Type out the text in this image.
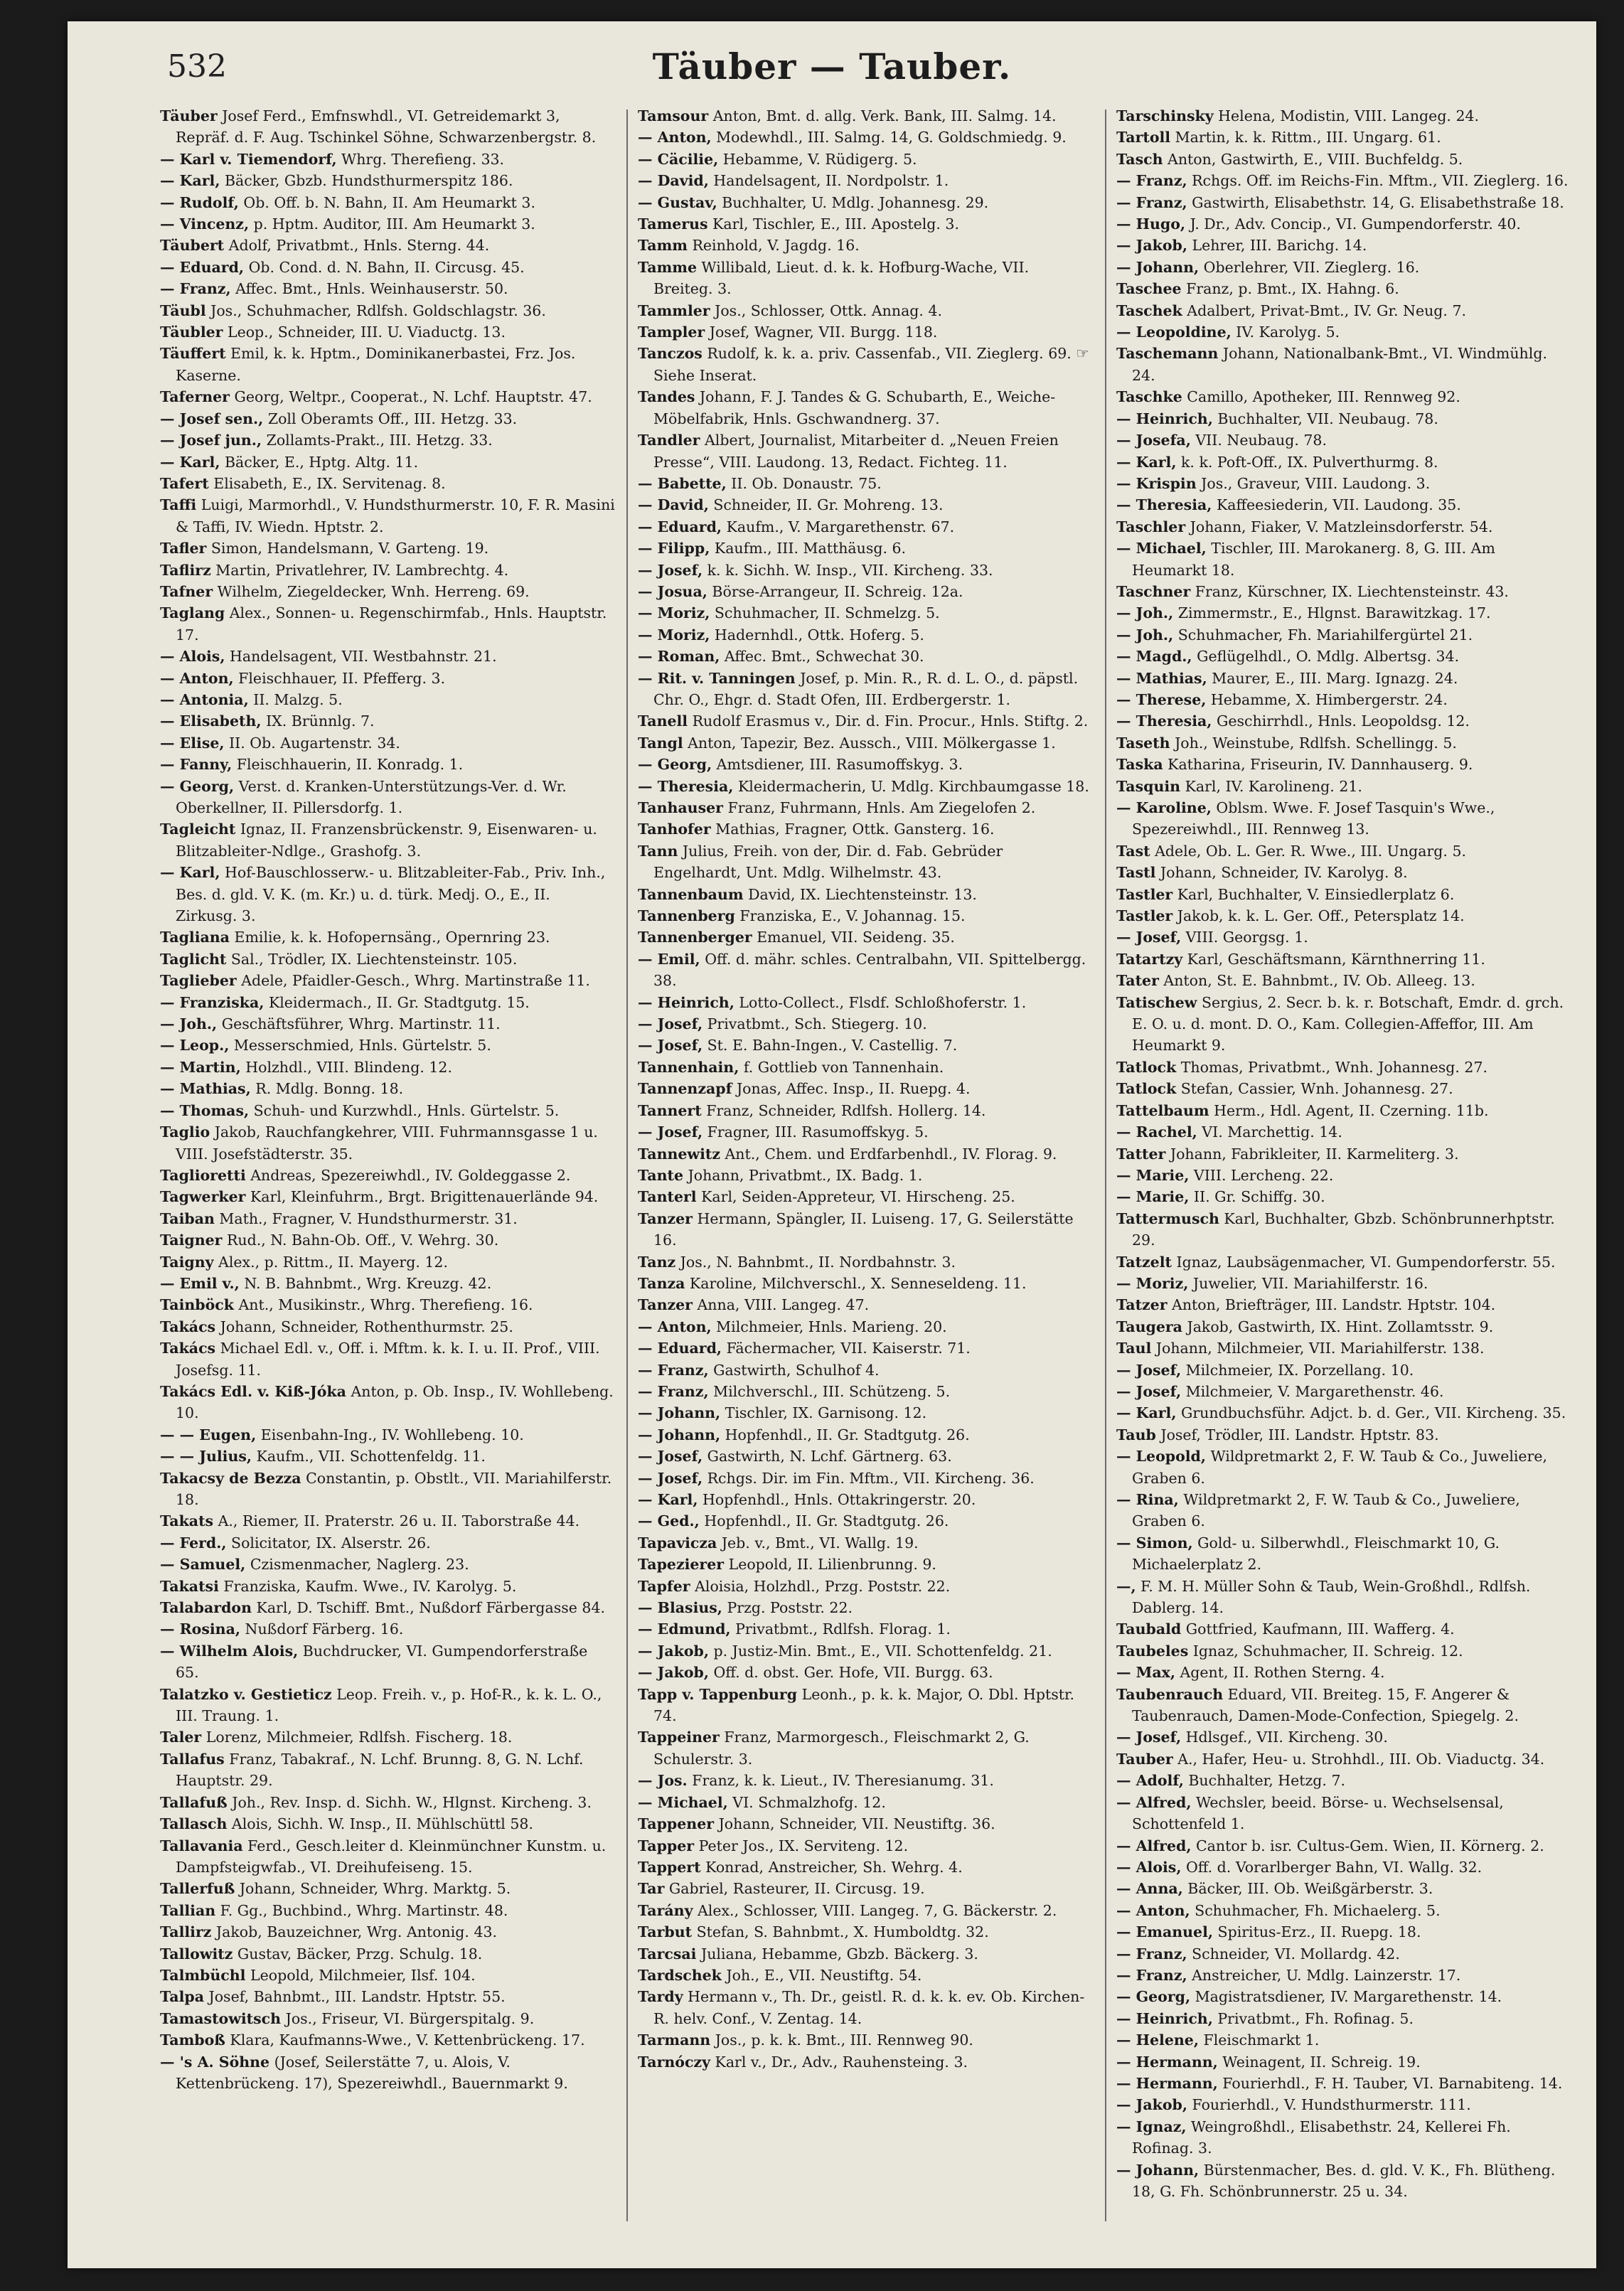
532	Täuber — Tauber.
Täuber Josef Ferd., Emfnswhdl., VI. Getreidemarkt 3, Repräf. d. F. Aug. Tschinkel Söhne, Schwarzenbergstr. 8.
— Karl v. Tiemendorf, Whrg. Therefieng. 33.
— Karl, Bäcker, Gbzb. Hundsthurmerspitz 186.
— Rudolf, Ob. Off. b. N. Bahn, II. Am Heumarkt 3.
— Vincenz, p. Hptm. Auditor, III. Am Heumarkt 3.
Täubert Adolf, Privatbmt., Hnls. Sterng. 44.
— Eduard, Ob. Cond. d. N. Bahn, II. Circusg. 45.
— Franz, Affec. Bmt., Hnls. Weinhauserstr. 50.
Täubl Jos., Schuhmacher, Rdlfsh. Goldschlagstr. 36.
Täubler Leop., Schneider, III. U. Viaductg. 13.
Täuffert Emil, k. k. Hptm., Dominikanerbastei, Frz. Jos. Kaserne.
Taferner Georg, Weltpr., Cooperat., N. Lchf. Hauptstr. 47.
— Josef sen., Zoll Oberamts Off., III. Hetzg. 33.
— Josef jun., Zollamts-Prakt., III. Hetzg. 33.
— Karl, Bäcker, E., Hptg. Altg. 11.
Tafert Elisabeth, E., IX. Servitenag. 8.
Taffi Luigi, Marmorhdl., V. Hundsthurmerstr. 10, F. R. Masini & Taffi, IV. Wiedn. Hptstr. 2.
Tafler Simon, Handelsmann, V. Garteng. 19.
Taflirz Martin, Privatlehrer, IV. Lambrechtg. 4.
Tafner Wilhelm, Ziegeldecker, Wnh. Herreng. 69.
Taglang Alex., Sonnen- u. Regenschirmfab., Hnls. Hauptstr. 17.
— Alois, Handelsagent, VII. Westbahnstr. 21.
— Anton, Fleischhauer, II. Pfefferg. 3.
— Antonia, II. Malzg. 5.
— Elisabeth, IX. Brünnlg. 7.
— Elise, II. Ob. Augartenstr. 34.
— Fanny, Fleischhauerin, II. Konradg. 1.
— Georg, Verst. d. Kranken-Unterstützungs-Ver. d. Wr. Oberkellner, II. Pillersdorfg. 1.
Tagleicht Ignaz, II. Franzensbrückenstr. 9, Eisenwaren- u. Blitzableiter-Ndlge., Grashofg. 3.
— Karl, Hof-Bauschlosserw.- u. Blitzableiter-Fab., Priv. Inh., Bes. d. gld. V. K. (m. Kr.) u. d. türk. Medj. O., E., II. Zirkusg. 3.
Tagliana Emilie, k. k. Hofopernsäng., Opernring 23.
Taglicht Sal., Trödler, IX. Liechtensteinstr. 105.
Taglieber Adele, Pfaidler-Gesch., Whrg. Martinstraße 11.
— Franziska, Kleidermach., II. Gr. Stadtgutg. 15.
— Joh., Geschäftsführer, Whrg. Martinstr. 11.
— Leop., Messerschmied, Hnls. Gürtelstr. 5.
— Martin, Holzhdl., VIII. Blindeng. 12.
— Mathias, R. Mdlg. Bonng. 18.
— Thomas, Schuh- und Kurzwhdl., Hnls. Gürtelstr. 5.
Taglio Jakob, Rauchfangkehrer, VIII. Fuhrmannsgasse 1 u. VIII. Josefstädterstr. 35.
Taglioretti Andreas, Spezereiwhdl., IV. Goldeggasse 2.
Tagwerker Karl, Kleinfuhrm., Brgt. Brigittenauerlände 94.
Taiban Math., Fragner, V. Hundsthurmerstr. 31.
Taigner Rud., N. Bahn-Ob. Off., V. Wehrg. 30.
Taigny Alex., p. Rittm., II. Mayerg. 12.
— Emil v., N. B. Bahnbmt., Wrg. Kreuzg. 42.
Tainböck Ant., Musikinstr., Whrg. Therefieng. 16.
Takács Johann, Schneider, Rothenthurmstr. 25.
Takács Michael Edl. v., Off. i. Mftm. k. k. I. u. II. Prof., VIII. Josefsg. 11.
Takács Edl. v. Kiß-Jóka Anton, p. Ob. Insp., IV. Wohllebeng. 10.
— — Eugen, Eisenbahn-Ing., IV. Wohllebeng. 10.
— — Julius, Kaufm., VII. Schottenfeldg. 11.
Takacsy de Bezza Constantin, p. Obstlt., VII. Mariahilferstr. 18.
Takats A., Riemer, II. Praterstr. 26 u. II. Taborstraße 44.
— Ferd., Solicitator, IX. Alserstr. 26.
— Samuel, Czismenmacher, Naglerg. 23.
Takatsi Franziska, Kaufm. Wwe., IV. Karolyg. 5.
Talabardon Karl, D. Tschiff. Bmt., Nußdorf Färbergasse 84.
— Rosina, Nußdorf Färberg. 16.
— Wilhelm Alois, Buchdrucker, VI. Gumpendorferstraße 65.
Talatzko v. Gestieticz Leop. Freih. v., p. Hof-R., k. k. L. O., III. Traung. 1.
Taler Lorenz, Milchmeier, Rdlfsh. Fischerg. 18.
Tallafus Franz, Tabakraf., N. Lchf. Brunng. 8, G. N. Lchf. Hauptstr. 29.
Tallafuß Joh., Rev. Insp. d. Sichh. W., Hlgnst. Kircheng. 3.
Tallasch Alois, Sichh. W. Insp., II. Mühlschüttl 58.
Tallavania Ferd., Gesch.leiter d. Kleinmünchner Kunstm. u. Dampfsteigwfab., VI. Dreihufeiseng. 15.
Tallerfuß Johann, Schneider, Whrg. Marktg. 5.
Tallian F. Gg., Buchbind., Whrg. Martinstr. 48.
Tallirz Jakob, Bauzeichner, Wrg. Antonig. 43.
Tallowitz Gustav, Bäcker, Przg. Schulg. 18.
Talmbüchl Leopold, Milchmeier, Ilsf. 104.
Talpa Josef, Bahnbmt., III. Landstr. Hptstr. 55.
Tamastowitsch Jos., Friseur, VI. Bürgerspitalg. 9.
Tamboß Klara, Kaufmanns-Wwe., V. Kettenbrückeng. 17.
— 's A. Söhne (Josef, Seilerstätte 7, u. Alois, V. Kettenbrückeng. 17), Spezereiwhdl., Bauernmarkt 9.
Tamsour Anton, Bmt. d. allg. Verk. Bank, III. Salmg. 14.
— Anton, Modewhdl., III. Salmg. 14, G. Goldschmiedg. 9.
— Cäcilie, Hebamme, V. Rüdigerg. 5.
— David, Handelsagent, II. Nordpolstr. 1.
— Gustav, Buchhalter, U. Mdlg. Johannesg. 29.
Tamerus Karl, Tischler, E., III. Apostelg. 3.
Tamm Reinhold, V. Jagdg. 16.
Tamme Willibald, Lieut. d. k. k. Hofburg-Wache, VII. Breiteg. 3.
Tammler Jos., Schlosser, Ottk. Annag. 4.
Tampler Josef, Wagner, VII. Burgg. 118.
Tanczos Rudolf, k. k. a. priv. Cassenfab., VII. Zieglerg. 69. ☞ Siehe Inserat.
Tandes Johann, F. J. Tandes & G. Schubarth, E., Weiche-Möbelfabrik, Hnls. Gschwandnerg. 37.
Tandler Albert, Journalist, Mitarbeiter d. „Neuen Freien Presse“, VIII. Laudong. 13, Redact. Fichteg. 11.
— Babette, II. Ob. Donaustr. 75.
— David, Schneider, II. Gr. Mohreng. 13.
— Eduard, Kaufm., V. Margarethenstr. 67.
— Filipp, Kaufm., III. Matthäusg. 6.
— Josef, k. k. Sichh. W. Insp., VII. Kircheng. 33.
— Josua, Börse-Arrangeur, II. Schreig. 12a.
— Moriz, Schuhmacher, II. Schmelzg. 5.
— Moriz, Hadernhdl., Ottk. Hoferg. 5.
— Roman, Affec. Bmt., Schwechat 30.
— Rit. v. Tanningen Josef, p. Min. R., R. d. L. O., d. päpstl. Chr. O., Ehgr. d. Stadt Ofen, III. Erdbergerstr. 1.
Tanell Rudolf Erasmus v., Dir. d. Fin. Procur., Hnls. Stiftg. 2.
Tangl Anton, Tapezir, Bez. Aussch., VIII. Mölkergasse 1.
— Georg, Amtsdiener, III. Rasumoffskyg. 3.
— Theresia, Kleidermacherin, U. Mdlg. Kirchbaumgasse 18.
Tanhauser Franz, Fuhrmann, Hnls. Am Ziegelofen 2.
Tanhofer Mathias, Fragner, Ottk. Gansterg. 16.
Tann Julius, Freih. von der, Dir. d. Fab. Gebrüder Engelhardt, Unt. Mdlg. Wilhelmstr. 43.
Tannenbaum David, IX. Liechtensteinstr. 13.
Tannenberg Franziska, E., V. Johannag. 15.
Tannenberger Emanuel, VII. Seideng. 35.
— Emil, Off. d. mähr. schles. Centralbahn, VII. Spittelbergg. 38.
— Heinrich, Lotto-Collect., Flsdf. Schloßhoferstr. 1.
— Josef, Privatbmt., Sch. Stiegerg. 10.
— Josef, St. E. Bahn-Ingen., V. Castellig. 7.
Tannenhain, f. Gottlieb von Tannenhain.
Tannenzapf Jonas, Affec. Insp., II. Ruepg. 4.
Tannert Franz, Schneider, Rdlfsh. Hollerg. 14.
— Josef, Fragner, III. Rasumoffskyg. 5.
Tannewitz Ant., Chem. und Erdfarbenhdl., IV. Florag. 9.
Tante Johann, Privatbmt., IX. Badg. 1.
Tanterl Karl, Seiden-Appreteur, VI. Hirscheng. 25.
Tanzer Hermann, Spängler, II. Luiseng. 17, G. Seilerstätte 16.
Tanz Jos., N. Bahnbmt., II. Nordbahnstr. 3.
Tanza Karoline, Milchverschl., X. Senneseldeng. 11.
Tanzer Anna, VIII. Langeg. 47.
— Anton, Milchmeier, Hnls. Marieng. 20.
— Eduard, Fächermacher, VII. Kaiserstr. 71.
— Franz, Gastwirth, Schulhof 4.
— Franz, Milchverschl., III. Schützeng. 5.
— Johann, Tischler, IX. Garnisong. 12.
— Johann, Hopfenhdl., II. Gr. Stadtgutg. 26.
— Josef, Gastwirth, N. Lchf. Gärtnerg. 63.
— Josef, Rchgs. Dir. im Fin. Mftm., VII. Kircheng. 36.
— Karl, Hopfenhdl., Hnls. Ottakringerstr. 20.
— Ged., Hopfenhdl., II. Gr. Stadtgutg. 26.
Tapavicza Jeb. v., Bmt., VI. Wallg. 19.
Tapezierer Leopold, II. Lilienbrunng. 9.
Tapfer Aloisia, Holzhdl., Przg. Poststr. 22.
— Blasius, Przg. Poststr. 22.
— Edmund, Privatbmt., Rdlfsh. Florag. 1.
— Jakob, p. Justiz-Min. Bmt., E., VII. Schottenfeldg. 21.
— Jakob, Off. d. obst. Ger. Hofe, VII. Burgg. 63.
Tapp v. Tappenburg Leonh., p. k. k. Major, O. Dbl. Hptstr. 74.
Tappeiner Franz, Marmorgesch., Fleischmarkt 2, G. Schulerstr. 3.
— Jos. Franz, k. k. Lieut., IV. Theresianumg. 31.
— Michael, VI. Schmalzhofg. 12.
Tappener Johann, Schneider, VII. Neustiftg. 36.
Tapper Peter Jos., IX. Serviteng. 12.
Tappert Konrad, Anstreicher, Sh. Wehrg. 4.
Tar Gabriel, Rasteurer, II. Circusg. 19.
Tarány Alex., Schlosser, VIII. Langeg. 7, G. Bäckerstr. 2.
Tarbut Stefan, S. Bahnbmt., X. Humboldtg. 32.
Tarcsai Juliana, Hebamme, Gbzb. Bäckerg. 3.
Tardschek Joh., E., VII. Neustiftg. 54.
Tardy Hermann v., Th. Dr., geistl. R. d. k. k. ev. Ob. Kirchen-R. helv. Conf., V. Zentag. 14.
Tarmann Jos., p. k. k. Bmt., III. Rennweg 90.
Tarnóczy Karl v., Dr., Adv., Rauhensteing. 3.
Tarschinsky Helena, Modistin, VIII. Langeg. 24.
Tartoll Martin, k. k. Rittm., III. Ungarg. 61.
Tasch Anton, Gastwirth, E., VIII. Buchfeldg. 5.
— Franz, Rchgs. Off. im Reichs-Fin. Mftm., VII. Zieglerg. 16.
— Franz, Gastwirth, Elisabethstr. 14, G. Elisabethstraße 18.
— Hugo, J. Dr., Adv. Concip., VI. Gumpendorferstr. 40.
— Jakob, Lehrer, III. Barichg. 14.
— Johann, Oberlehrer, VII. Zieglerg. 16.
Taschee Franz, p. Bmt., IX. Hahng. 6.
Taschek Adalbert, Privat-Bmt., IV. Gr. Neug. 7.
— Leopoldine, IV. Karolyg. 5.
Taschemann Johann, Nationalbank-Bmt., VI. Windmühlg. 24.
Taschke Camillo, Apotheker, III. Rennweg 92.
— Heinrich, Buchhalter, VII. Neubaug. 78.
— Josefa, VII. Neubaug. 78.
— Karl, k. k. Poft-Off., IX. Pulverthurmg. 8.
— Krispin Jos., Graveur, VIII. Laudong. 3.
— Theresia, Kaffeesiederin, VII. Laudong. 35.
Taschler Johann, Fiaker, V. Matzleinsdorferstr. 54.
— Michael, Tischler, III. Marokanerg. 8, G. III. Am Heumarkt 18.
Taschner Franz, Kürschner, IX. Liechtensteinstr. 43.
— Joh., Zimmermstr., E., Hlgnst. Barawitzkag. 17.
— Joh., Schuhmacher, Fh. Mariahilfergürtel 21.
— Magd., Geflügelhdl., O. Mdlg. Albertsg. 34.
— Mathias, Maurer, E., III. Marg. Ignazg. 24.
— Therese, Hebamme, X. Himbergerstr. 24.
— Theresia, Geschirrhdl., Hnls. Leopoldsg. 12.
Taseth Joh., Weinstube, Rdlfsh. Schellingg. 5.
Taska Katharina, Friseurin, IV. Dannhauserg. 9.
Tasquin Karl, IV. Karolineng. 21.
— Karoline, Oblsm. Wwe. F. Josef Tasquin's Wwe., Spezereiwhdl., III. Rennweg 13.
Tast Adele, Ob. L. Ger. R. Wwe., III. Ungarg. 5.
Tastl Johann, Schneider, IV. Karolyg. 8.
Tastler Karl, Buchhalter, V. Einsiedlerplatz 6.
Tastler Jakob, k. k. L. Ger. Off., Petersplatz 14.
— Josef, VIII. Georgsg. 1.
Tatartzy Karl, Geschäftsmann, Kärnthnerring 11.
Tater Anton, St. E. Bahnbmt., IV. Ob. Alleeg. 13.
Tatischew Sergius, 2. Secr. b. k. r. Botschaft, Emdr. d. grch. E. O. u. d. mont. D. O., Kam. Collegien-Affeffor, III. Am Heumarkt 9.
Tatlock Thomas, Privatbmt., Wnh. Johannesg. 27.
Tatlock Stefan, Cassier, Wnh. Johannesg. 27.
Tattelbaum Herm., Hdl. Agent, II. Czerning. 11b.
— Rachel, VI. Marchettig. 14.
Tatter Johann, Fabrikleiter, II. Karmeliterg. 3.
— Marie, VIII. Lercheng. 22.
— Marie, II. Gr. Schiffg. 30.
Tattermusch Karl, Buchhalter, Gbzb. Schönbrunnerhptstr. 29.
Tatzelt Ignaz, Laubsägenmacher, VI. Gumpendorferstr. 55.
— Moriz, Juwelier, VII. Mariahilferstr. 16.
Tatzer Anton, Briefträger, III. Landstr. Hptstr. 104.
Taugera Jakob, Gastwirth, IX. Hint. Zollamtsstr. 9.
Taul Johann, Milchmeier, VII. Mariahilferstr. 138.
— Josef, Milchmeier, IX. Porzellang. 10.
— Josef, Milchmeier, V. Margarethenstr. 46.
— Karl, Grundbuchsführ. Adjct. b. d. Ger., VII. Kircheng. 35.
Taub Josef, Trödler, III. Landstr. Hptstr. 83.
— Leopold, Wildpretmarkt 2, F. W. Taub & Co., Juweliere, Graben 6.
— Rina, Wildpretmarkt 2, F. W. Taub & Co., Juweliere, Graben 6.
— Simon, Gold- u. Silberwhdl., Fleischmarkt 10, G. Michaelerplatz 2.
—, F. M. H. Müller Sohn & Taub, Wein-Großhdl., Rdlfsh. Dablerg. 14.
Taubald Gottfried, Kaufmann, III. Wafferg. 4.
Taubeles Ignaz, Schuhmacher, II. Schreig. 12.
— Max, Agent, II. Rothen Sterng. 4.
Taubenrauch Eduard, VII. Breiteg. 15, F. Angerer & Taubenrauch, Damen-Mode-Confection, Spiegelg. 2.
— Josef, Hdlsgef., VII. Kircheng. 30.
Tauber A., Hafer, Heu- u. Strohhdl., III. Ob. Viaductg. 34.
— Adolf, Buchhalter, Hetzg. 7.
— Alfred, Wechsler, beeid. Börse- u. Wechselsensal, Schottenfeld 1.
— Alfred, Cantor b. isr. Cultus-Gem. Wien, II. Körnerg. 2.
— Alois, Off. d. Vorarlberger Bahn, VI. Wallg. 32.
— Anna, Bäcker, III. Ob. Weißgärberstr. 3.
— Anton, Schuhmacher, Fh. Michaelerg. 5.
— Emanuel, Spiritus-Erz., II. Ruepg. 18.
— Franz, Schneider, VI. Mollardg. 42.
— Franz, Anstreicher, U. Mdlg. Lainzerstr. 17.
— Georg, Magistratsdiener, IV. Margarethenstr. 14.
— Heinrich, Privatbmt., Fh. Rofinag. 5.
— Helene, Fleischmarkt 1.
— Hermann, Weinagent, II. Schreig. 19.
— Hermann, Fourierhdl., F. H. Tauber, VI. Barnabiteng. 14.
— Jakob, Fourierhdl., V. Hundsthurmerstr. 111.
— Ignaz, Weingroßhdl., Elisabethstr. 24, Kellerei Fh. Rofinag. 3.
— Johann, Bürstenmacher, Bes. d. gld. V. K., Fh. Blütheng. 18, G. Fh. Schönbrunnerstr. 25 u. 34.
